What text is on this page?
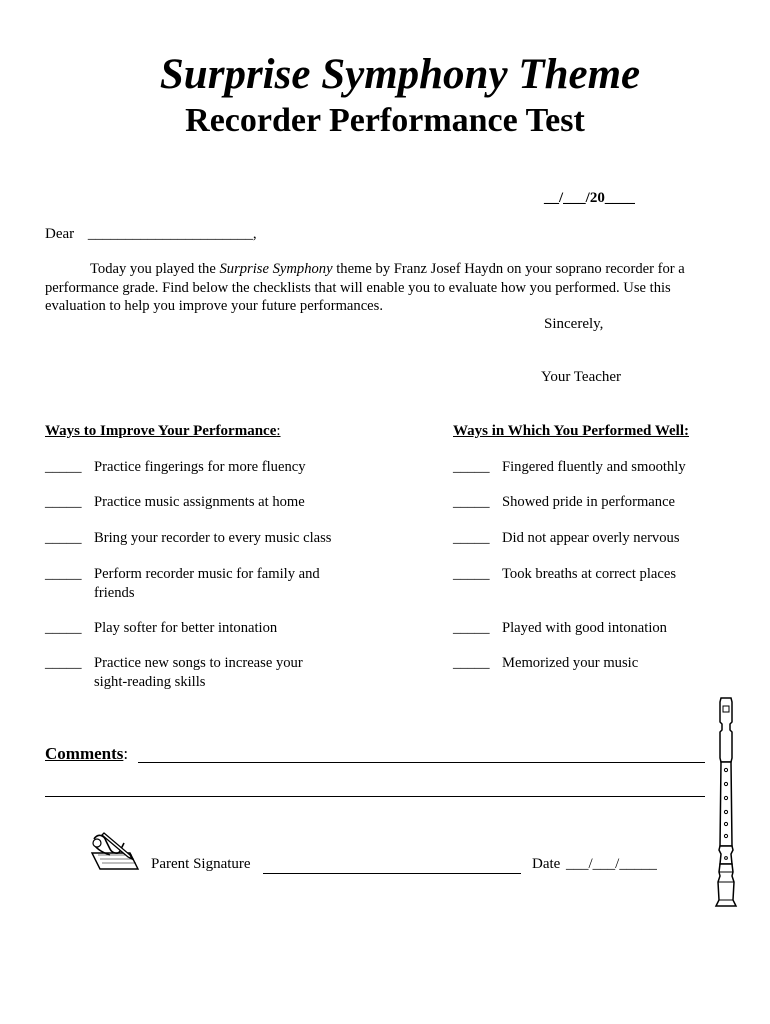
Surprise Symphony Theme
Recorder Performance Test
__/___/20____
Dear ______________________,

Today you played the Surprise Symphony theme by Franz Josef Haydn on your soprano recorder for a performance grade. Find below the checklists that will enable you to evaluate how you performed. Use this evaluation to help you improve your future performances.

Sincerely,
Your Teacher
Ways to Improve Your Performance:	Ways in Which You Performed Well:
_____ Practice fingerings for more fluency
_____ Practice music assignments at home
_____ Bring your recorder to every music class
_____ Perform recorder music for family and friends
_____ Play softer for better intonation
_____ Practice new songs to increase your sight-reading skills
_____ Fingered fluently and smoothly
_____ Showed pride in performance
_____ Did not appear overly nervous
_____ Took breaths at correct places
_____ Played with good intonation
_____ Memorized your music
Comments:
Parent Signature	Date ___/___/_____
